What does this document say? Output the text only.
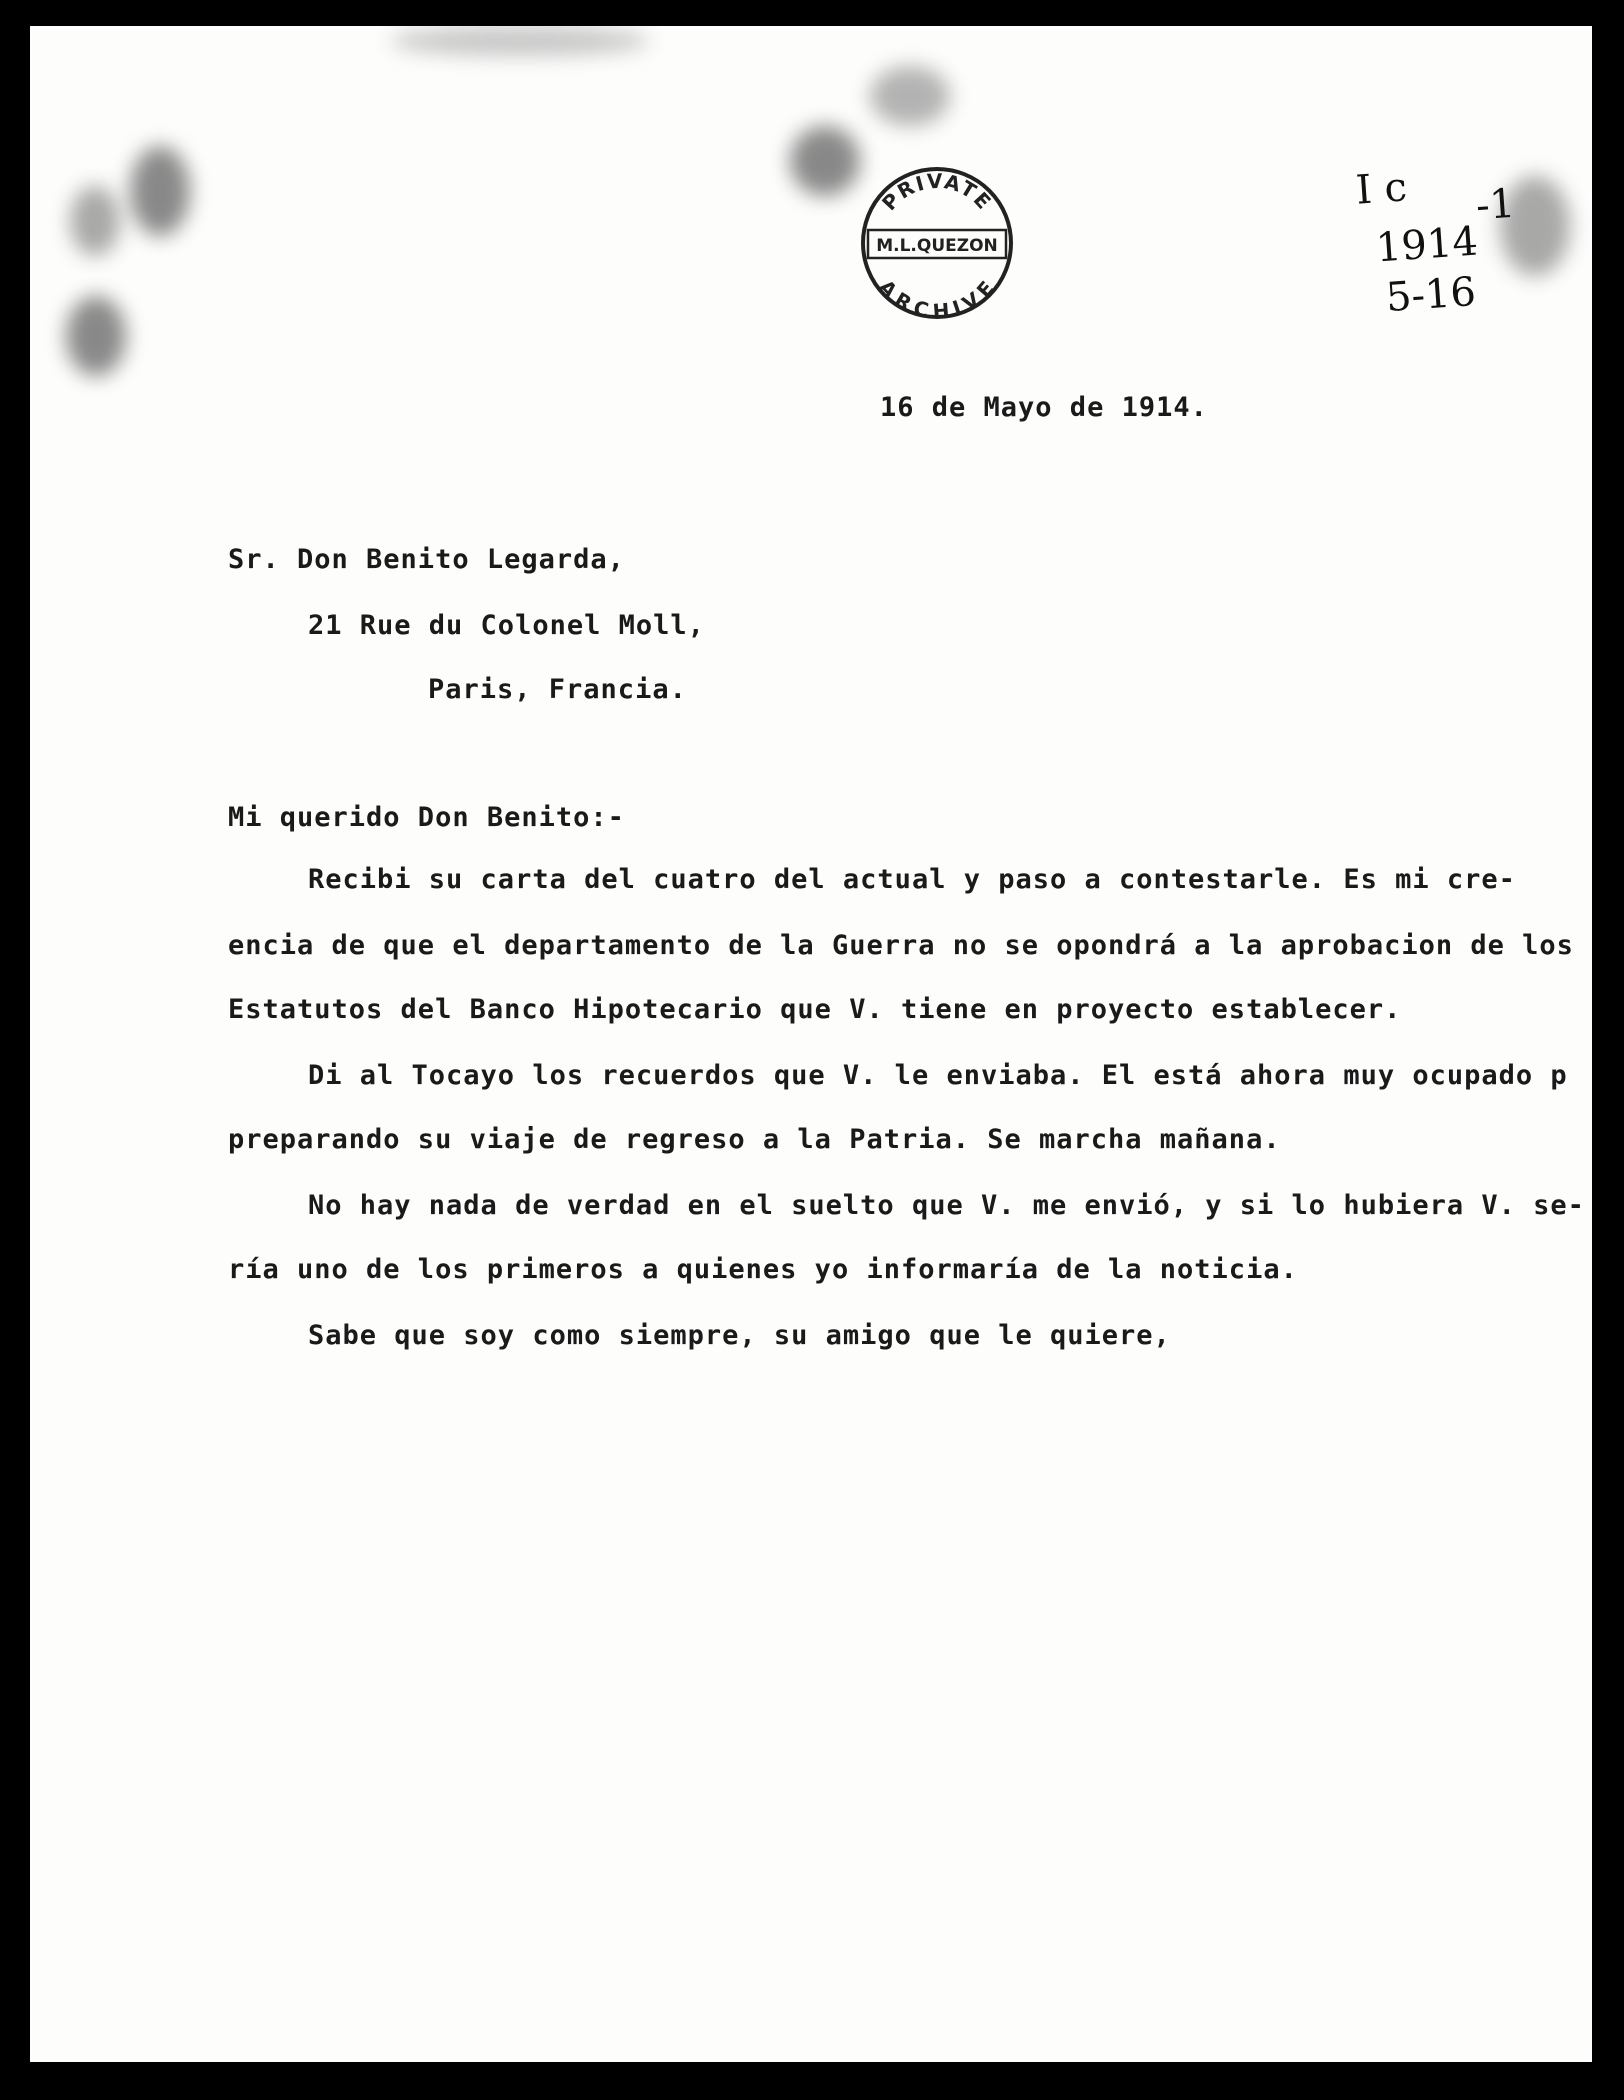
PRIVATE
M.L.QUEZON
ARCHIVE
I c -1
1914
5-16
16 de Mayo de 1914.
Sr. Don Benito Legarda,
21 Rue du Colonel Moll,
Paris, Francia.
Mi querido Don Benito:-
Recibi su carta del cuatro del actual y paso a contestarle. Es mi cre-
encia de que el departamento de la Guerra no se opondrá a la aprobacion de los
Estatutos del Banco Hipotecario que V. tiene en proyecto establecer.
Di al Tocayo los recuerdos que V. le enviaba. El está ahora muy ocupado p
preparando su viaje de regreso a la Patria. Se marcha mañana.
No hay nada de verdad en el suelto que V. me envió, y si lo hubiera V. se-
ría uno de los primeros a quienes yo informaría de la noticia.
Sabe que soy como siempre, su amigo que le quiere,
